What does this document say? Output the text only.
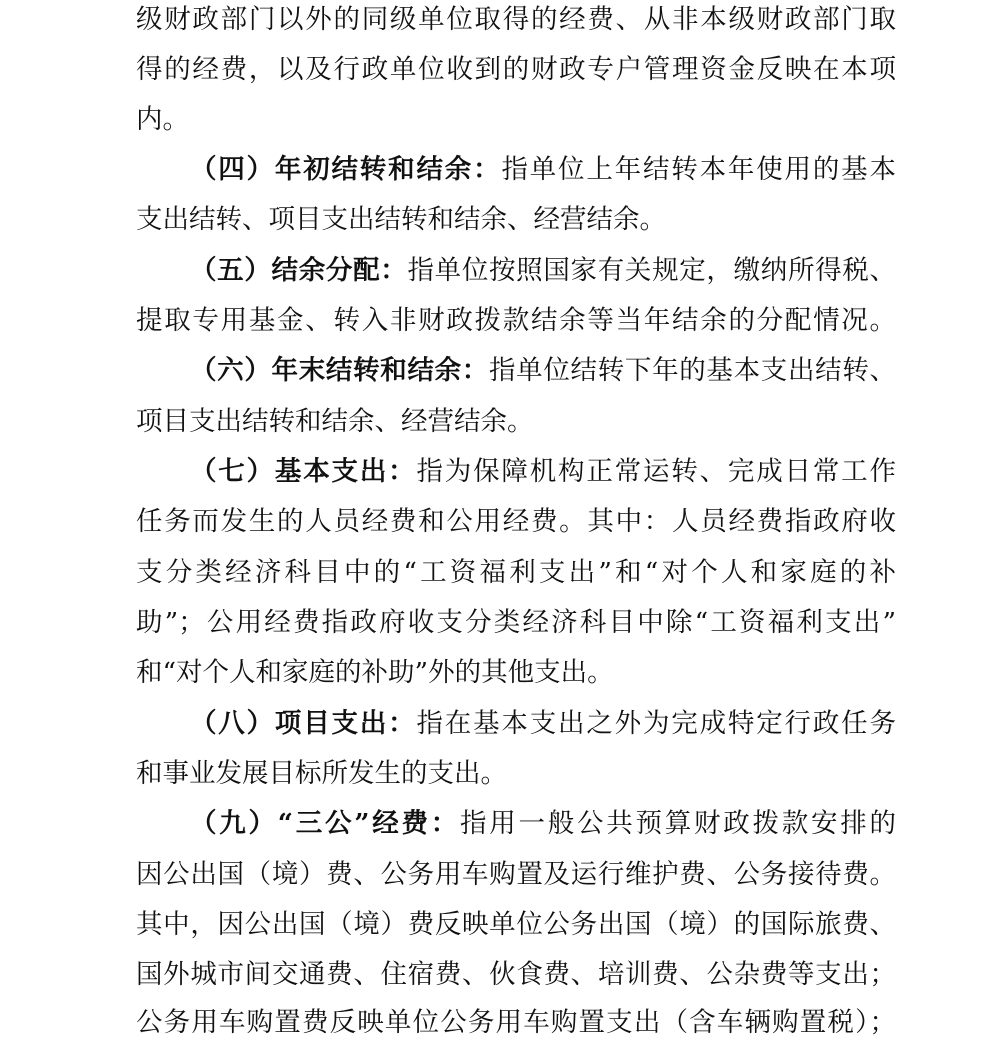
级财政部门以外的同级单位取得的经费、从非本级财政部门取
得的经费，以及行政单位收到的财政专户管理资金反映在本项
内。
（四）年初结转和结余：指单位上年结转本年使用的基本
支出结转、项目支出结转和结余、经营结余。
（五）结余分配：指单位按照国家有关规定，缴纳所得税、
提取专用基金、转入非财政拨款结余等当年结余的分配情况。
（六）年末结转和结余：指单位结转下年的基本支出结转、
项目支出结转和结余、经营结余。
（七）基本支出：指为保障机构正常运转、完成日常工作
任务而发生的人员经费和公用经费。其中：人员经费指政府收
支分类经济科目中的“工资福利支出”和“对个人和家庭的补
助”；公用经费指政府收支分类经济科目中除“工资福利支出”
和“对个人和家庭的补助”外的其他支出。
（八）项目支出：指在基本支出之外为完成特定行政任务
和事业发展目标所发生的支出。
（九）“三公”经费：指用一般公共预算财政拨款安排的
因公出国（境）费、公务用车购置及运行维护费、公务接待费。
其中，因公出国（境）费反映单位公务出国（境）的国际旅费、
国外城市间交通费、住宿费、伙食费、培训费、公杂费等支出；
公务用车购置费反映单位公务用车购置支出（含车辆购置税）；
